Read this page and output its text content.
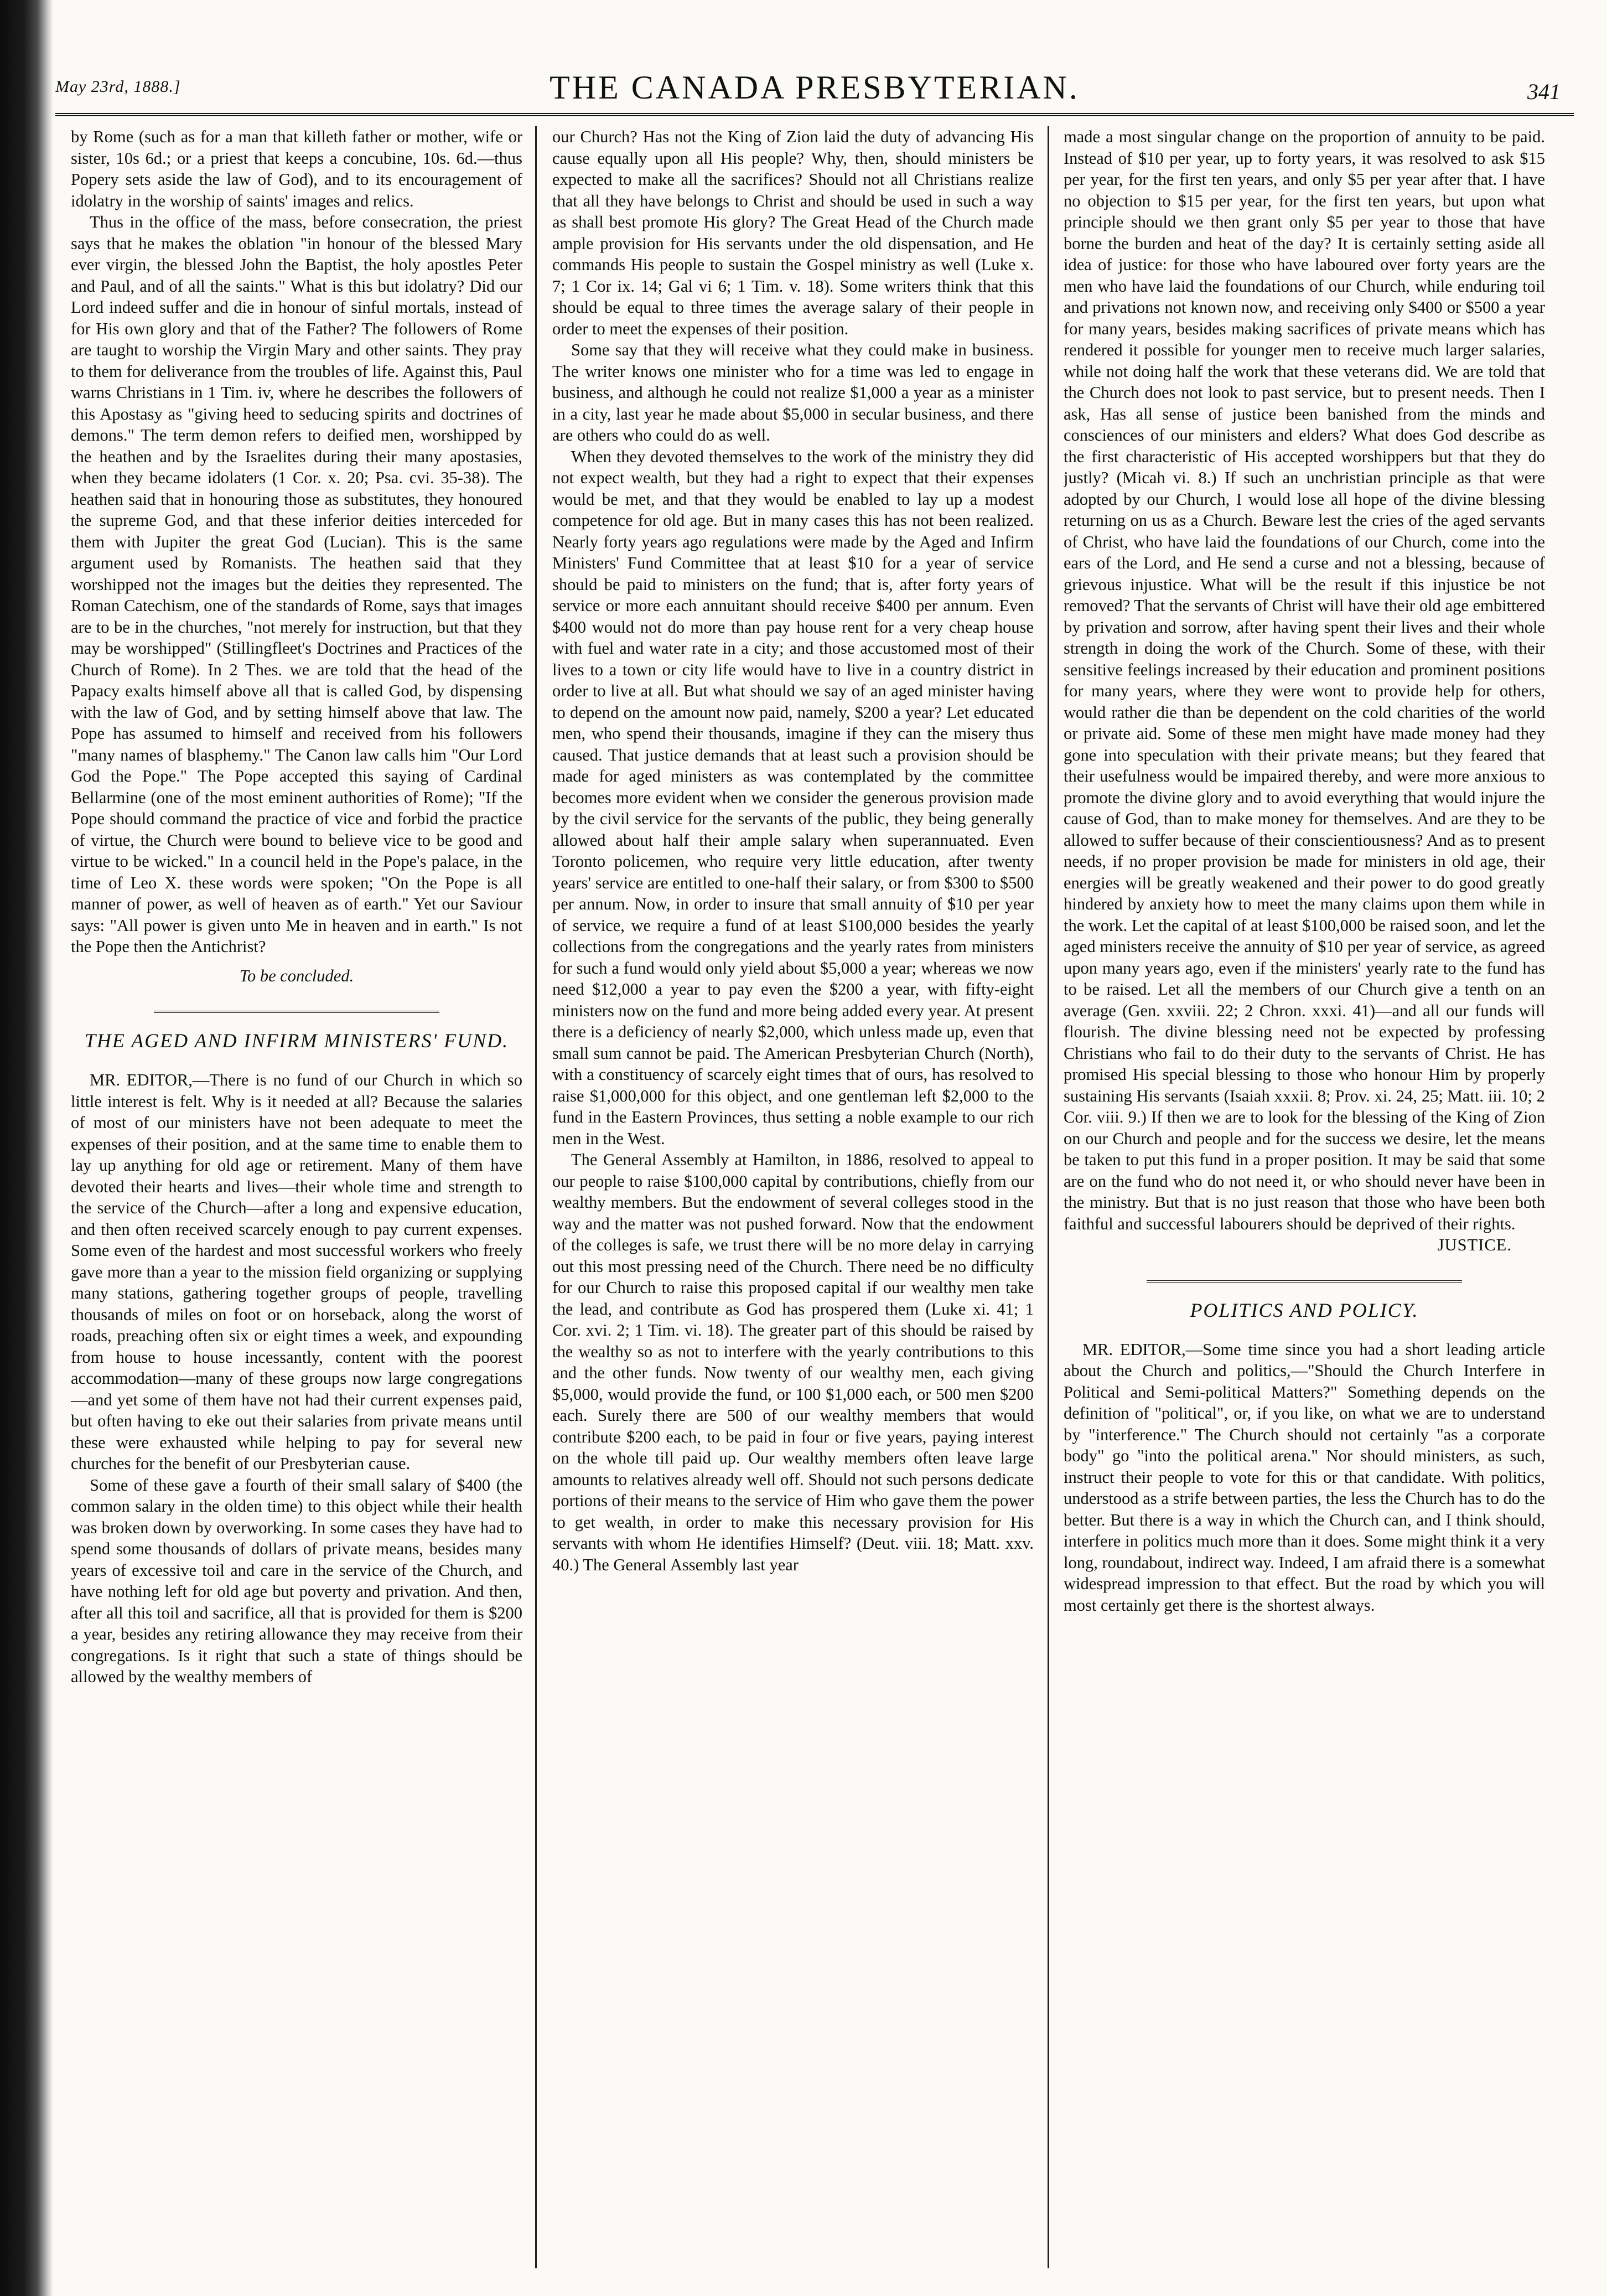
May 23rd, 1888.]	THE CANADA PRESBYTERIAN.	341

by Rome (such as for a man that killeth father or mother, wife or sister, 10s 6d.; or a priest that keeps a concubine, 10s. 6d.—thus Popery sets aside the law of God), and to its encouragement of idolatry in the worship of saints' images and relics.

Thus in the office of the mass, before consecration, the priest says that he makes the oblation "in honour of the blessed Mary ever virgin, the blessed John the Baptist, the holy apostles Peter and Paul, and of all the saints." What is this but idolatry? Did our Lord indeed suffer and die in honour of sinful mortals, instead of for His own glory and that of the Father? The followers of Rome are taught to worship the Virgin Mary and other saints. They pray to them for deliverance from the troubles of life. Against this, Paul warns Christians in 1 Tim. iv, where he describes the followers of this Apostasy as "giving heed to seducing spirits and doctrines of demons." The term demon refers to deified men, worshipped by the heathen and by the Israelites during their many apostasies, when they became idolaters (1 Cor. x. 20; Psa. cvi. 35-38). The heathen said that in honouring those as substitutes, they honoured the supreme God, and that these inferior deities interceded for them with Jupiter the great God (Lucian). This is the same argument used by Romanists. The heathen said that they worshipped not the images but the deities they represented. The Roman Catechism, one of the standards of Rome, says that images are to be in the churches, "not merely for instruction, but that they may be worshipped" (Stillingfleet's Doctrines and Practices of the Church of Rome). In 2 Thes. we are told that the head of the Papacy exalts himself above all that is called God, by dispensing with the law of God, and by setting himself above that law. The Pope has assumed to himself and received from his followers "many names of blasphemy." The Canon law calls him "Our Lord God the Pope." The Pope accepted this saying of Cardinal Bellarmine (one of the most eminent authorities of Rome); "If the Pope should command the practice of vice and forbid the practice of virtue, the Church were bound to believe vice to be good and virtue to be wicked." In a council held in the Pope's palace, in the time of Leo X. these words were spoken; "On the Pope is all manner of power, as well of heaven as of earth." Yet our Saviour says: "All power is given unto Me in heaven and in earth." Is not the Pope then the Antichrist?

To be concluded.

THE AGED AND INFIRM MINISTERS' FUND.

MR. EDITOR,—There is no fund of our Church in which so little interest is felt. Why is it needed at all? Because the salaries of most of our ministers have not been adequate to meet the expenses of their position, and at the same time to enable them to lay up anything for old age or retirement. Many of them have devoted their hearts and lives—their whole time and strength to the service of the Church—after a long and expensive education, and then often received scarcely enough to pay current expenses. Some even of the hardest and most successful workers who freely gave more than a year to the mission field organizing or supplying many stations, gathering together groups of people, travelling thousands of miles on foot or on horseback, along the worst of roads, preaching often six or eight times a week, and expounding from house to house incessantly, content with the poorest accommodation—many of these groups now large congregations—and yet some of them have not had their current expenses paid, but often having to eke out their salaries from private means until these were exhausted while helping to pay for several new churches for the benefit of our Presbyterian cause.

Some of these gave a fourth of their small salary of $400 (the common salary in the olden time) to this object while their health was broken down by overworking. In some cases they have had to spend some thousands of dollars of private means, besides many years of excessive toil and care in the service of the Church, and have nothing left for old age but poverty and privation. And then, after all this toil and sacrifice, all that is provided for them is $200 a year, besides any retiring allowance they may receive from their congregations. Is it right that such a state of things should be allowed by the wealthy members of

our Church? Has not the King of Zion laid the duty of advancing His cause equally upon all His people? Why, then, should ministers be expected to make all the sacrifices? Should not all Christians realize that all they have belongs to Christ and should be used in such a way as shall best promote His glory? The Great Head of the Church made ample provision for His servants under the old dispensation, and He commands His people to sustain the Gospel ministry as well (Luke x. 7; 1 Cor ix. 14; Gal vi 6; 1 Tim. v. 18). Some writers think that this should be equal to three times the average salary of their people in order to meet the expenses of their position.

Some say that they will receive what they could make in business. The writer knows one minister who for a time was led to engage in business, and although he could not realize $1,000 a year as a minister in a city, last year he made about $5,000 in secular business, and there are others who could do as well.

When they devoted themselves to the work of the ministry they did not expect wealth, but they had a right to expect that their expenses would be met, and that they would be enabled to lay up a modest competence for old age. But in many cases this has not been realized. Nearly forty years ago regulations were made by the Aged and Infirm Ministers' Fund Committee that at least $10 for a year of service should be paid to ministers on the fund; that is, after forty years of service or more each annuitant should receive $400 per annum. Even $400 would not do more than pay house rent for a very cheap house with fuel and water rate in a city; and those accustomed most of their lives to a town or city life would have to live in a country district in order to live at all. But what should we say of an aged minister having to depend on the amount now paid, namely, $200 a year? Let educated men, who spend their thousands, imagine if they can the misery thus caused. That justice demands that at least such a provision should be made for aged ministers as was contemplated by the committee becomes more evident when we consider the generous provision made by the civil service for the servants of the public, they being generally allowed about half their ample salary when superannuated. Even Toronto policemen, who require very little education, after twenty years' service are entitled to one-half their salary, or from $300 to $500 per annum. Now, in order to insure that small annuity of $10 per year of service, we require a fund of at least $100,000 besides the yearly collections from the congregations and the yearly rates from ministers for such a fund would only yield about $5,000 a year; whereas we now need $12,000 a year to pay even the $200 a year, with fifty-eight ministers now on the fund and more being added every year. At present there is a deficiency of nearly $2,000, which unless made up, even that small sum cannot be paid. The American Presbyterian Church (North), with a constituency of scarcely eight times that of ours, has resolved to raise $1,000,000 for this object, and one gentleman left $2,000 to the fund in the Eastern Provinces, thus setting a noble example to our rich men in the West.

The General Assembly at Hamilton, in 1886, resolved to appeal to our people to raise $100,000 capital by contributions, chiefly from our wealthy members. But the endowment of several colleges stood in the way and the matter was not pushed forward. Now that the endowment of the colleges is safe, we trust there will be no more delay in carrying out this most pressing need of the Church. There need be no difficulty for our Church to raise this proposed capital if our wealthy men take the lead, and contribute as God has prospered them (Luke xi. 41; 1 Cor. xvi. 2; 1 Tim. vi. 18). The greater part of this should be raised by the wealthy so as not to interfere with the yearly contributions to this and the other funds. Now twenty of our wealthy men, each giving $5,000, would provide the fund, or 100 $1,000 each, or 500 men $200 each. Surely there are 500 of our wealthy members that would contribute $200 each, to be paid in four or five years, paying interest on the whole till paid up. Our wealthy members often leave large amounts to relatives already well off. Should not such persons dedicate portions of their means to the service of Him who gave them the power to get wealth, in order to make this necessary provision for His servants with whom He identifies Himself? (Deut. viii. 18; Matt. xxv. 40.) The General Assembly last year

made a most singular change on the proportion of annuity to be paid. Instead of $10 per year, up to forty years, it was resolved to ask $15 per year, for the first ten years, and only $5 per year after that. I have no objection to $15 per year, for the first ten years, but upon what principle should we then grant only $5 per year to those that have borne the burden and heat of the day? It is certainly setting aside all idea of justice: for those who have laboured over forty years are the men who have laid the foundations of our Church, while enduring toil and privations not known now, and receiving only $400 or $500 a year for many years, besides making sacrifices of private means which has rendered it possible for younger men to receive much larger salaries, while not doing half the work that these veterans did. We are told that the Church does not look to past service, but to present needs. Then I ask, Has all sense of justice been banished from the minds and consciences of our ministers and elders? What does God describe as the first characteristic of His accepted worshippers but that they do justly? (Micah vi. 8.) If such an unchristian principle as that were adopted by our Church, I would lose all hope of the divine blessing returning on us as a Church. Beware lest the cries of the aged servants of Christ, who have laid the foundations of our Church, come into the ears of the Lord, and He send a curse and not a blessing, because of grievous injustice. What will be the result if this injustice be not removed? That the servants of Christ will have their old age embittered by privation and sorrow, after having spent their lives and their whole strength in doing the work of the Church. Some of these, with their sensitive feelings increased by their education and prominent positions for many years, where they were wont to provide help for others, would rather die than be dependent on the cold charities of the world or private aid. Some of these men might have made money had they gone into speculation with their private means; but they feared that their usefulness would be impaired thereby, and were more anxious to promote the divine glory and to avoid everything that would injure the cause of God, than to make money for themselves. And are they to be allowed to suffer because of their conscientiousness? And as to present needs, if no proper provision be made for ministers in old age, their energies will be greatly weakened and their power to do good greatly hindered by anxiety how to meet the many claims upon them while in the work. Let the capital of at least $100,000 be raised soon, and let the aged ministers receive the annuity of $10 per year of service, as agreed upon many years ago, even if the ministers' yearly rate to the fund has to be raised. Let all the members of our Church give a tenth on an average (Gen. xxviii. 22; 2 Chron. xxxi. 41)—and all our funds will flourish. The divine blessing need not be expected by professing Christians who fail to do their duty to the servants of Christ. He has promised His special blessing to those who honour Him by properly sustaining His servants (Isaiah xxxii. 8; Prov. xi. 24, 25; Matt. iii. 10; 2 Cor. viii. 9.) If then we are to look for the blessing of the King of Zion on our Church and people and for the success we desire, let the means be taken to put this fund in a proper position. It may be said that some are on the fund who do not need it, or who should never have been in the ministry. But that is no just reason that those who have been both faithful and successful labourers should be deprived of their rights.

JUSTICE.

POLITICS AND POLICY.

MR. EDITOR,—Some time since you had a short leading article about the Church and politics,—"Should the Church Interfere in Political and Semi-political Matters?" Something depends on the definition of "political", or, if you like, on what we are to understand by "interference." The Church should not certainly "as a corporate body" go "into the political arena." Nor should ministers, as such, instruct their people to vote for this or that candidate. With politics, understood as a strife between parties, the less the Church has to do the better. But there is a way in which the Church can, and I think should, interfere in politics much more than it does. Some might think it a very long, roundabout, indirect way. Indeed, I am afraid there is a somewhat widespread impression to that effect. But the road by which you will most certainly get there is the shortest always.
